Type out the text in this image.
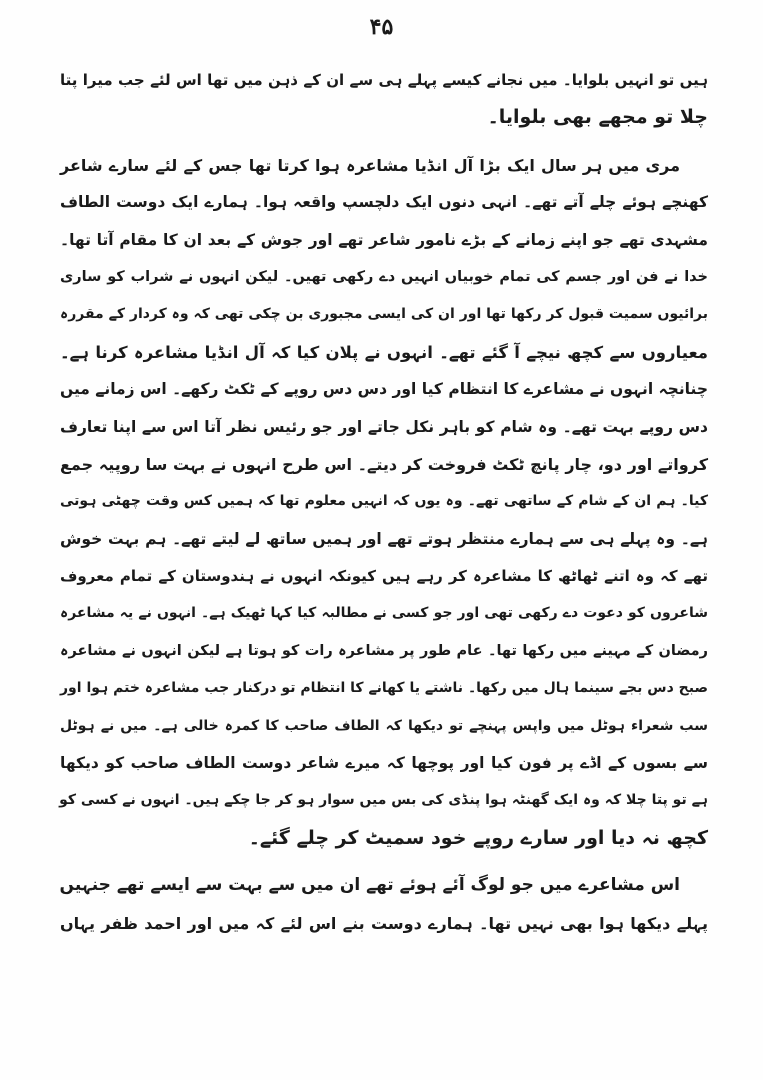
۴۵
ہیں تو انہیں بلوایا۔ میں نجانے کیسے پہلے ہی سے ان کے ذہن میں تھا اس لئے جب میرا پتا
چلا تو مجھے بھی بلوایا۔
مری میں ہر سال ایک بڑا آل انڈیا مشاعرہ ہوا کرتا تھا جس کے لئے سارے شاعر
کھنچے ہوئے چلے آتے تھے۔ انہی دنوں ایک دلچسپ واقعہ ہوا۔ ہمارے ایک دوست الطاف
مشہدی تھے جو اپنے زمانے کے بڑے نامور شاعر تھے اور جوش کے بعد ان کا مقام آتا تھا۔
خدا نے فن اور جسم کی تمام خوبیاں انہیں دے رکھی تھیں۔ لیکن انہوں نے شراب کو ساری
برائیوں سمیت قبول کر رکھا تھا اور ان کی ایسی مجبوری بن چکی تھی کہ وہ کردار کے مقررہ
معیاروں سے کچھ نیچے آ گئے تھے۔ انہوں نے پلان کیا کہ آل انڈیا مشاعرہ کرنا ہے۔
چنانچہ انہوں نے مشاعرے کا انتظام کیا اور دس دس روپے کے ٹکٹ رکھے۔ اس زمانے میں
دس روپے بہت تھے۔ وہ شام کو باہر نکل جاتے اور جو رئیس نظر آتا اس سے اپنا تعارف
کرواتے اور دو، چار پانچ ٹکٹ فروخت کر دیتے۔ اس طرح انہوں نے بہت سا روپیہ جمع
کیا۔ ہم ان کے شام کے ساتھی تھے۔ وہ یوں کہ انہیں معلوم تھا کہ ہمیں کس وقت چھٹی ہوتی
ہے۔ وہ پہلے ہی سے ہمارے منتظر ہوتے تھے اور ہمیں ساتھ لے لیتے تھے۔ ہم بہت خوش
تھے کہ وہ اتنے ٹھاٹھ کا مشاعرہ کر رہے ہیں کیونکہ انہوں نے ہندوستان کے تمام معروف
شاعروں کو دعوت دے رکھی تھی اور جو کسی نے مطالبہ کیا کہا ٹھیک ہے۔ انہوں نے یہ مشاعرہ
رمضان کے مہینے میں رکھا تھا۔ عام طور پر مشاعرہ رات کو ہوتا ہے لیکن انہوں نے مشاعرہ
صبح دس بجے سینما ہال میں رکھا۔ ناشتے یا کھانے کا انتظام تو درکنار جب مشاعرہ ختم ہوا اور
سب شعراء ہوٹل میں واپس پہنچے تو دیکھا کہ الطاف صاحب کا کمرہ خالی ہے۔ میں نے ہوٹل
سے بسوں کے اڈے پر فون کیا اور پوچھا کہ میرے شاعر دوست الطاف صاحب کو دیکھا
ہے تو پتا چلا کہ وہ ایک گھنٹہ ہوا پنڈی کی بس میں سوار ہو کر جا چکے ہیں۔ انہوں نے کسی کو
کچھ نہ دیا اور سارے روپے خود سمیٹ کر چلے گئے۔
اس مشاعرے میں جو لوگ آئے ہوئے تھے ان میں سے بہت سے ایسے تھے جنہیں
پہلے دیکھا ہوا بھی نہیں تھا۔ ہمارے دوست بنے اس لئے کہ میں اور احمد ظفر یہاں
